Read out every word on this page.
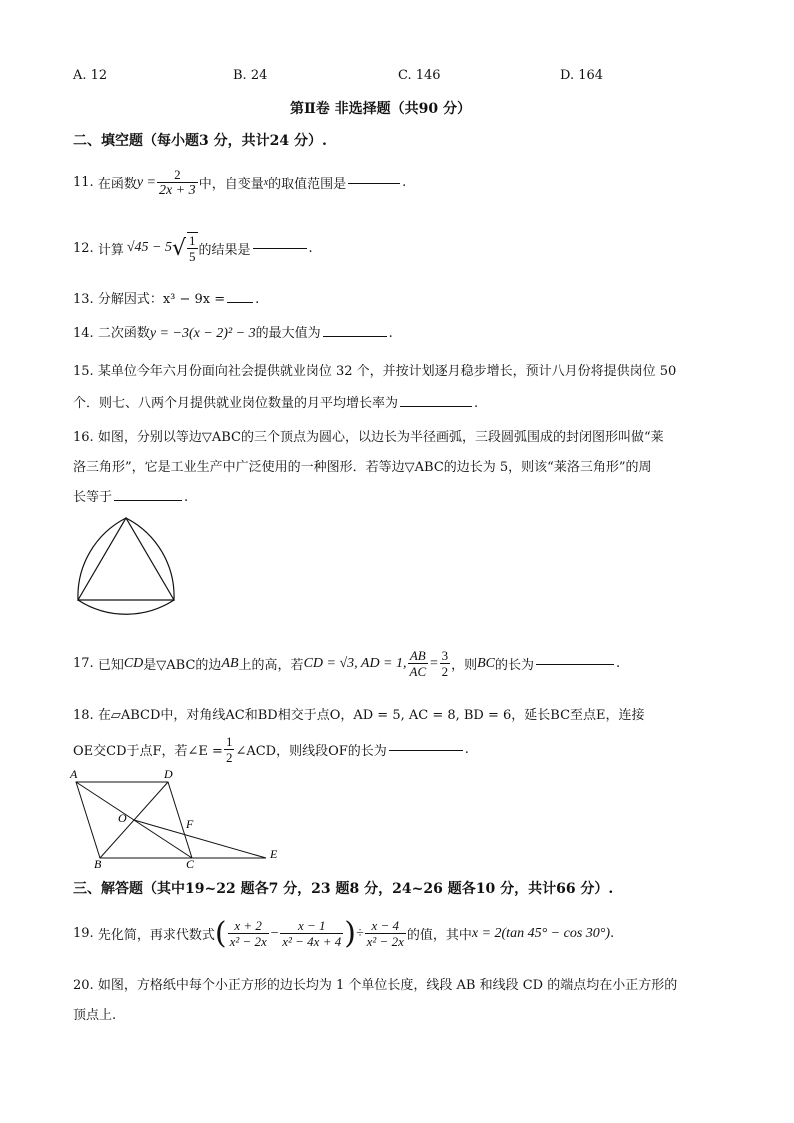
A. 12	B. 24	C. 146	D. 164
第Ⅱ卷 非选择题（共90 分）
二、填空题（每小题3 分，共计24 分）.
11.
在函数 $y = \frac{2}{2x + 3}$ 中，自变量 x 的取值范围是	.
12.
计算 √45 − 5 √ $\frac{1}{5}$ 的结果是	.
13. 分解因式：x³ − 9x = .
14. 二次函数y = −3(x − 2)² − 3的最大值为	.
15. 某单位今年六月份面向社会提供就业岗位 32 个，并按计划逐月稳步增长，预计八月份将提供岗位 50
个．则七、八两个月提供就业岗位数量的月平均增长率为	.
16. 如图，分别以等边▽ABC的三个顶点为圆心，以边长为半径画弧，三段圆弧围成的封闭图形叫做“莱
洛三角形”，它是工业生产中广泛使用的一种图形．若等边▽ABC的边长为 5，则该“莱洛三角形”的周
长等于	.
17.
已知 CD 是▽ABC的边 AB 上的高，若 CD = √3, AD = 1, $\frac{AB}{AC} = \frac{3}{2}$ ，则 BC 的长为	.
18. 在▱ABCD中，对角线AC和BD相交于点O，AD = 5, AC = 8, BD = 6，延长BC至点E，连接
OE交CD于点F，若∠E = $\frac{1}{2}$ ∠ACD，则线段OF的长为	.
A	D
O	F
B	C
E
三、解答题（其中19~22 题各7 分，23 题8 分，24~26 题各10 分，共计66 分）.
19.
先化简，再求代数式 ( $\frac{x + 2}{\text{x² − 2x}} - \frac{x - 1}{\text{x² − 4x + 4}}$ ) ÷ $\frac{x - 4}{\text{x² − 2x}}$ 的值，其中 x = 2(tan 45° − cos 30°) .
20. 如图，方格纸中每个小正方形的边长均为 1 个单位长度，线段 AB 和线段 CD 的端点均在小正方形的
顶点上.
